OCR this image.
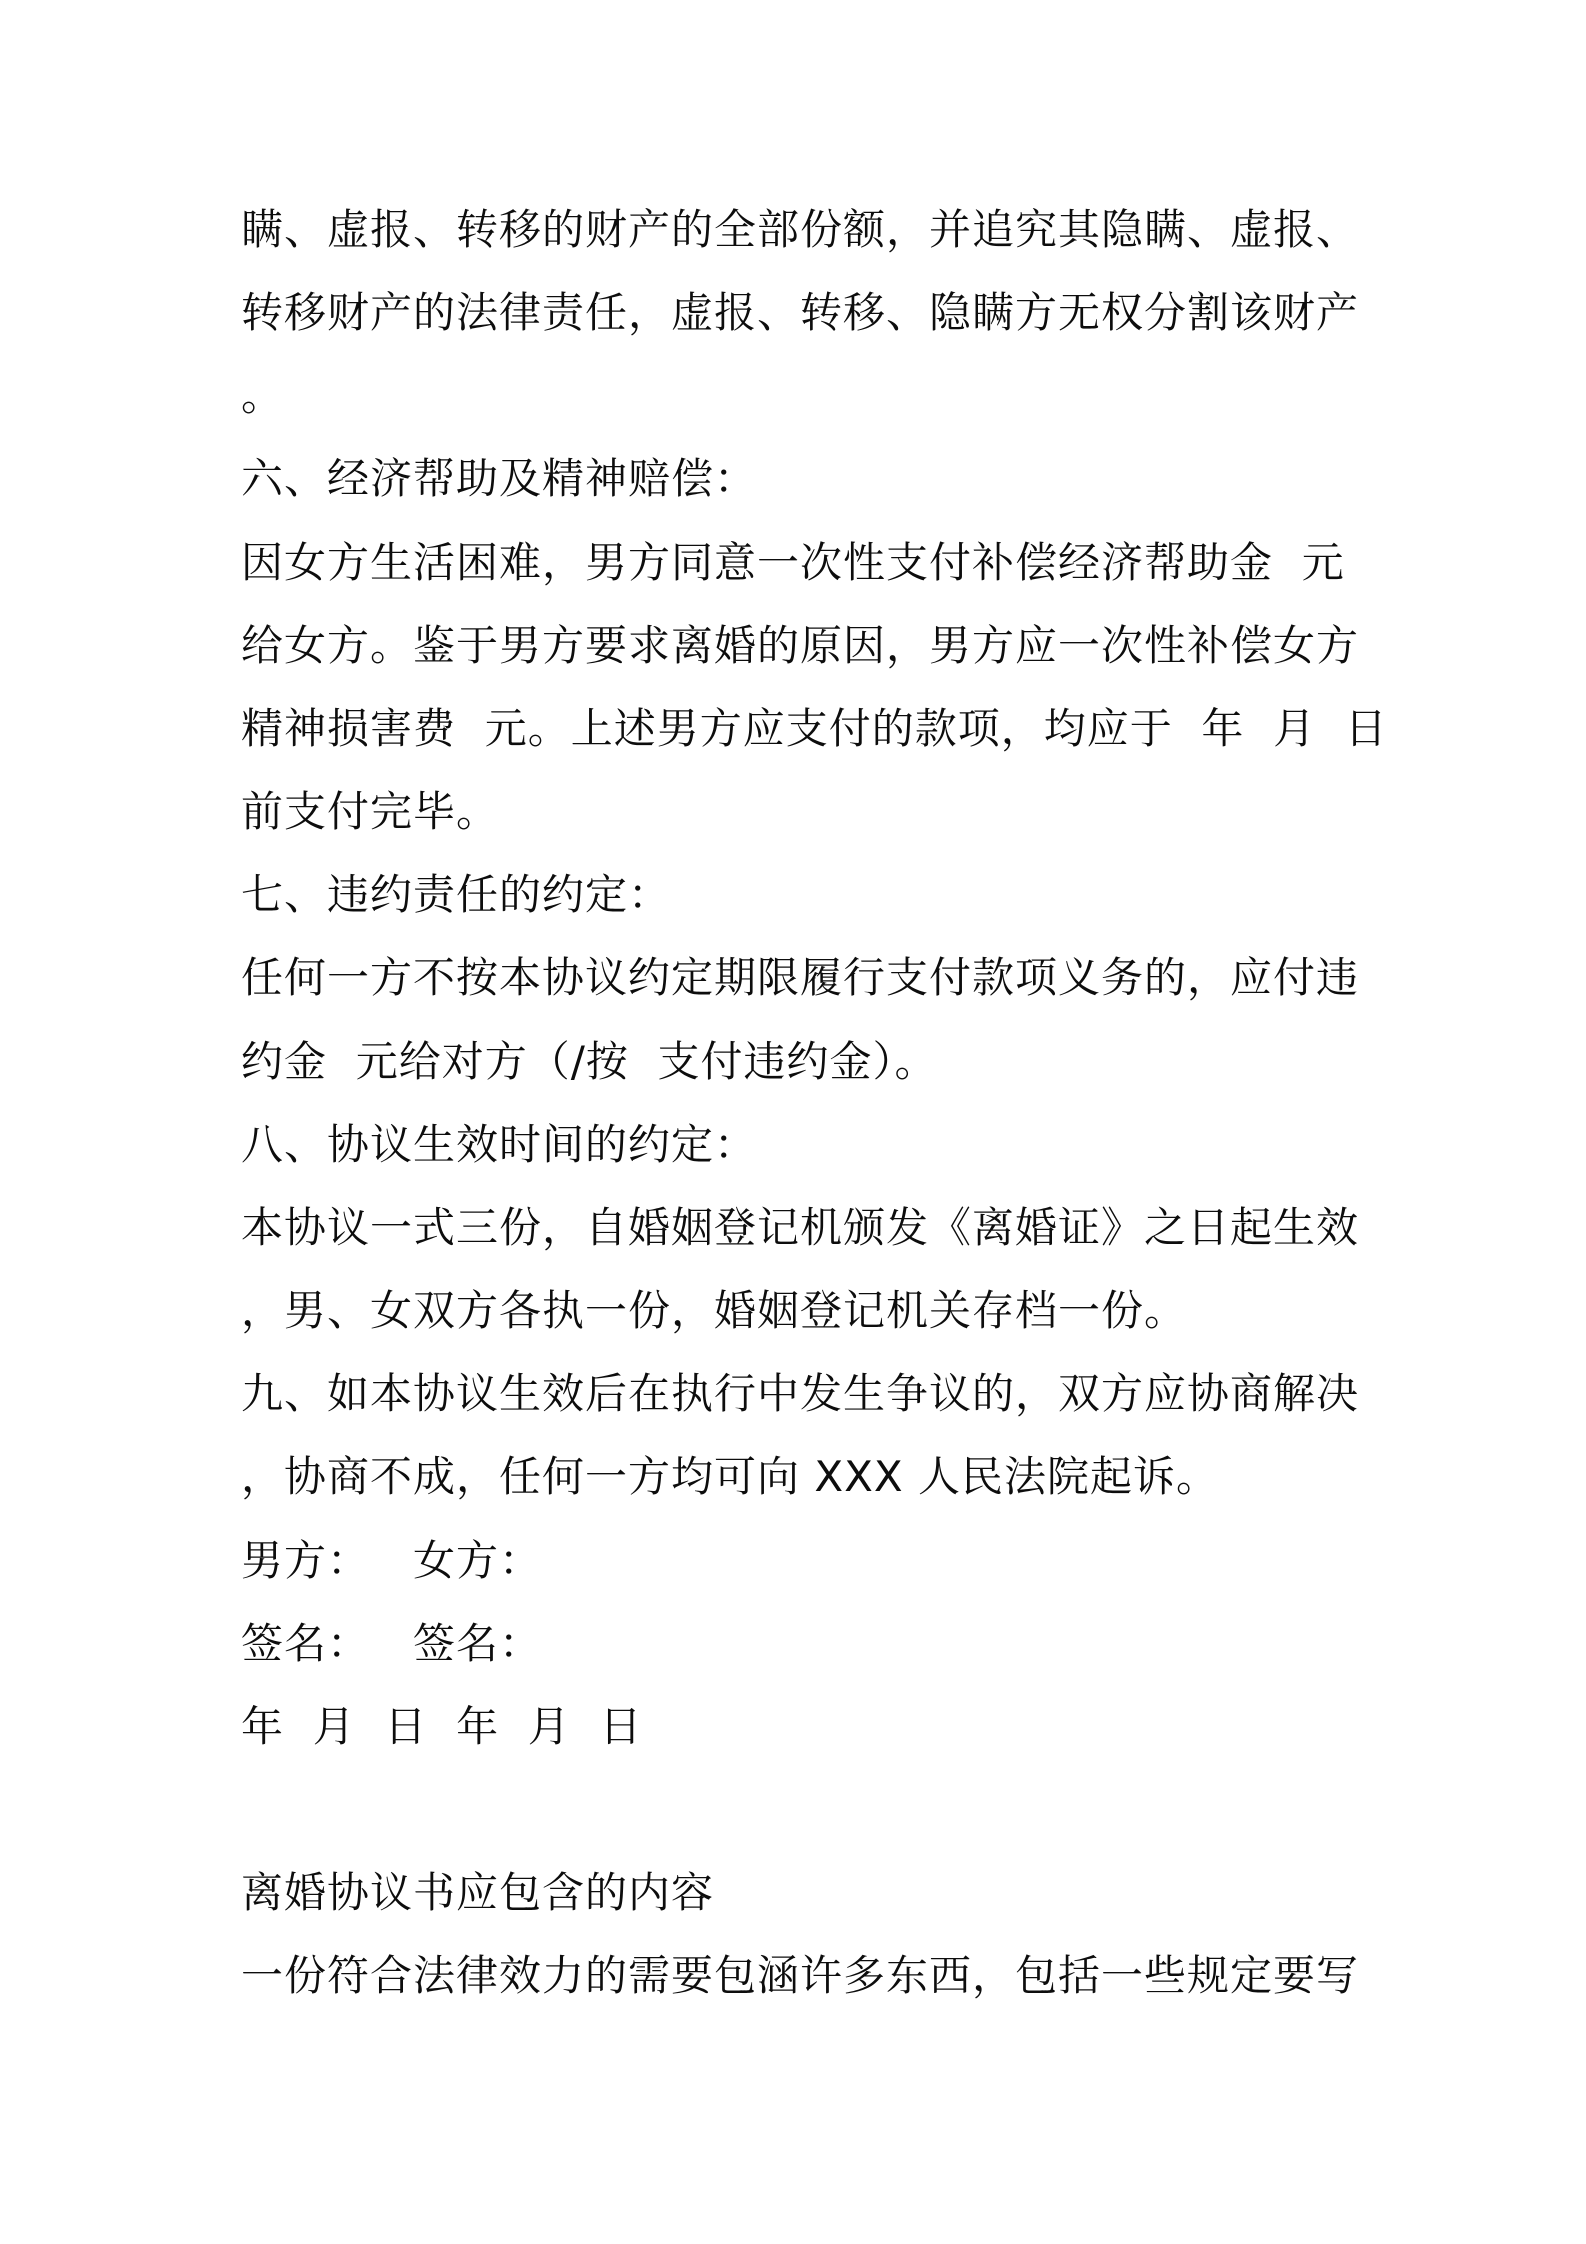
瞒、虚报、转移的财产的全部份额，并追究其隐瞒、虚报、
转移财产的法律责任，虚报、转移、隐瞒方无权分割该财产
。
六、经济帮助及精神赔偿：
因女方生活困难，男方同意一次性支付补偿经济帮助金  元
给女方。鉴于男方要求离婚的原因，男方应一次性补偿女方
精神损害费  元。上述男方应支付的款项，均应于  年  月  日
前支付完毕。
七、违约责任的约定：
任何一方不按本协议约定期限履行支付款项义务的，应付违
约金  元给对方（/按  支付违约金）。
八、协议生效时间的约定：
本协议一式三份，自婚姻登记机颁发《离婚证》之日起生效
，男、女双方各执一份，婚姻登记机关存档一份。
九、如本协议生效后在执行中发生争议的，双方应协商解决
，协商不成，任何一方均可向 XXX 人民法院起诉。
男方：   女方：
签名：   签名：
年  月  日  年  月  日
离婚协议书应包含的内容
一份符合法律效力的需要包涵许多东西，包括一些规定要写
